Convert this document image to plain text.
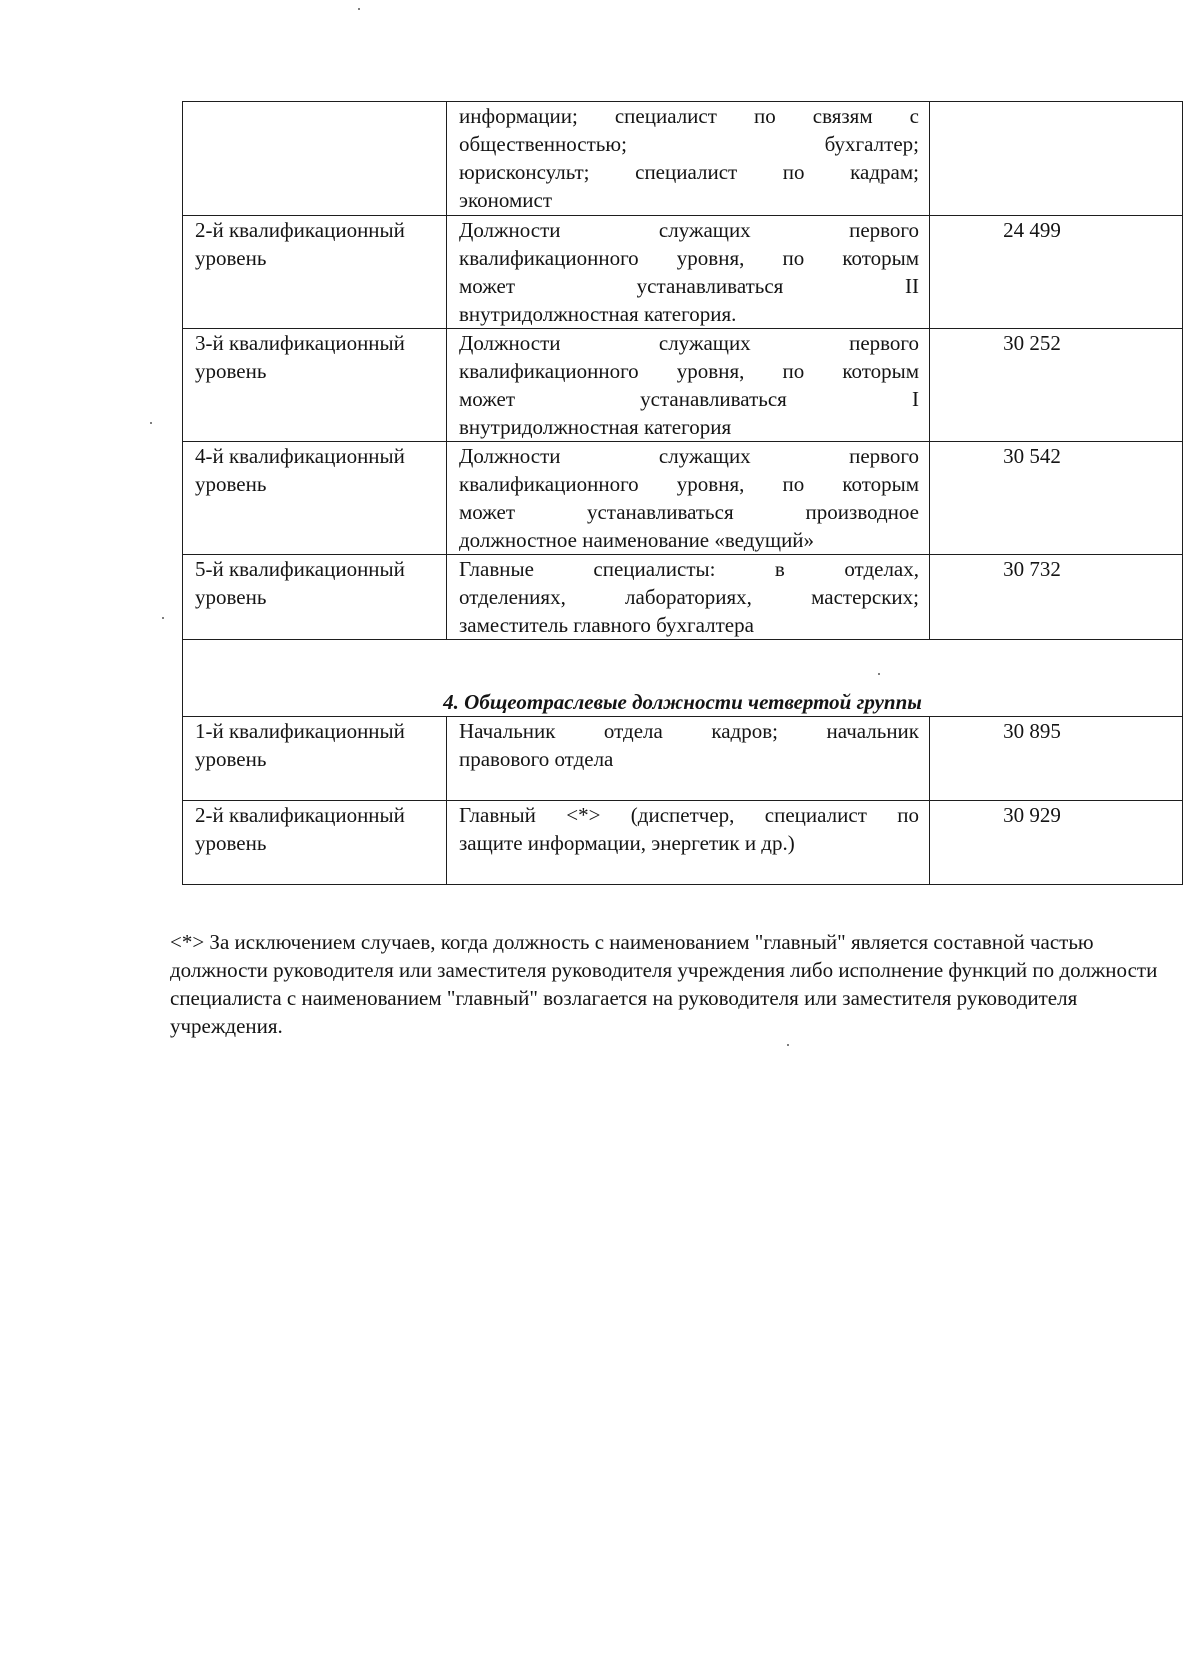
	информации; специалист по связям с
общественностью; бухгалтер;
юрисконсульт; специалист по кадрам;
экономист	

2-й квалификационный уровень	Должности служащих первого
квалификационного уровня, по которым
может устанавливаться II
внутридолжностная категория.	24 499
3-й квалификационный уровень	Должности служащих первого
квалификационного уровня, по которым
может устанавливаться I
внутридолжностная категория	30 252
4-й квалификационный уровень	Должности служащих первого
квалификационного уровня, по которым
может устанавливаться производное
должностное наименование «ведущий»	30 542
5-й квалификационный уровень	Главные специалисты: в отделах,
отделениях, лабораториях, мастерских;
заместитель главного бухгалтера	30 732
4. Общеотраслевые должности четвертой группы		
1-й квалификационный уровень	Начальник отдела кадров; начальник
правового отдела	30 895
2-й квалификационный уровень	Главный <*> (диспетчер, специалист по
защите информации, энергетик и др.)	30 929

<*> За исключением случаев, когда должность с наименованием "главный" является составной частью должности руководителя или заместителя руководителя учреждения либо исполнение функций по должности специалиста с наименованием "главный" возлагается на руководителя или заместителя руководителя учреждения.
